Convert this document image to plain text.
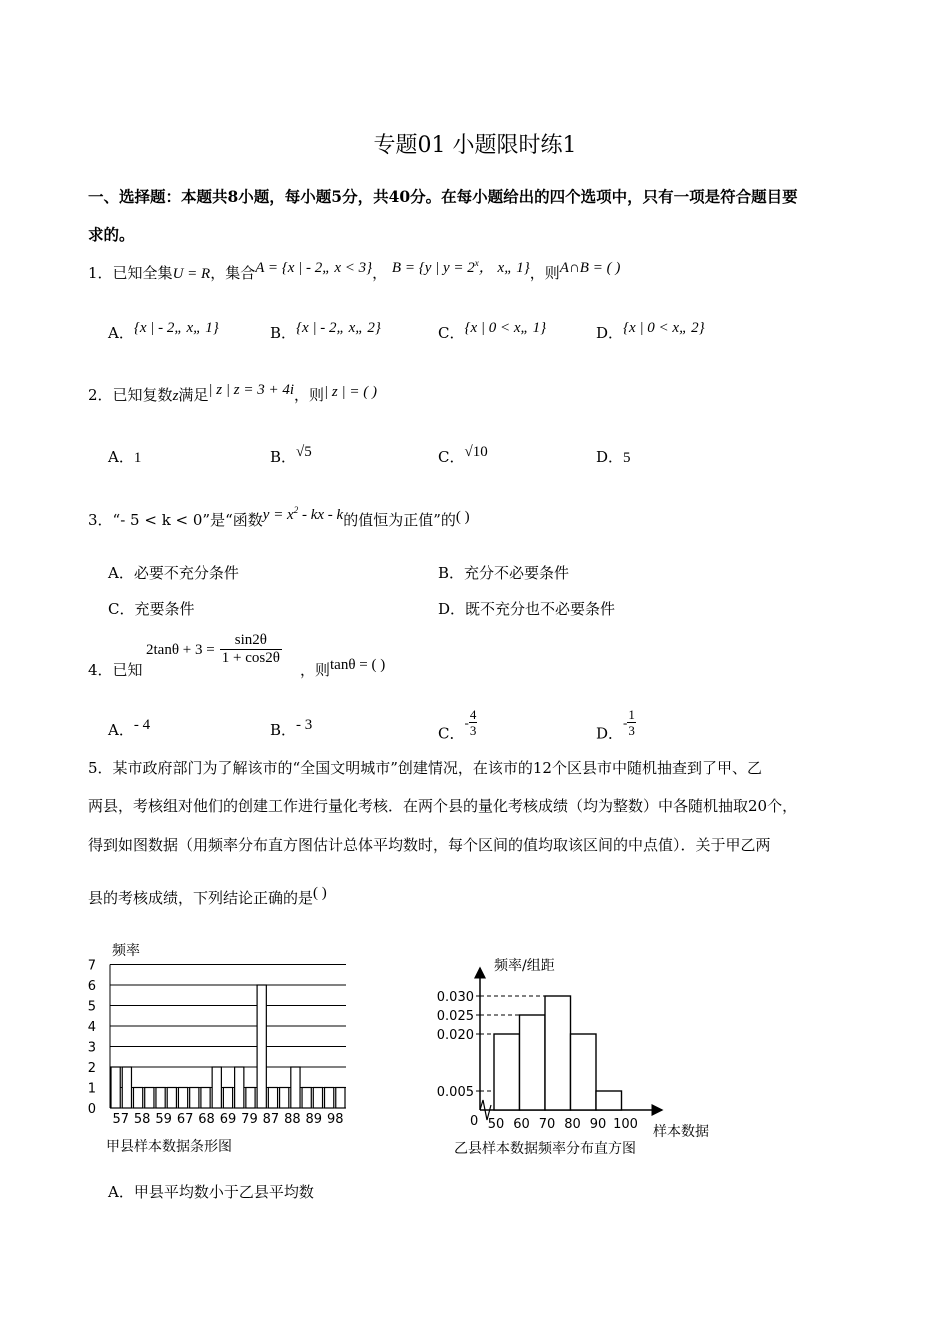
专题01 小题限时练1
一、选择题：本题共8小题，每小题5分，共40分。在每小题给出的四个选项中，只有一项是符合题目要
求的。
1．已知全集U = R，集合A = {x | - 2„ x < 3}， B = {y | $y = 2^x$， x„ 1}，则A∩B = ( )
A．{x | - 2„ x„ 1}	B．{x | - 2„ x„ 2}	C．{x | 0 < x„ 1}	D．{x | 0 < x„ 2}
2．已知复数z满足| z | z = 3 + 4i，则| z | = ( )
A．1	B．√5	C．√10	D．5
3．“- 5 < k < 0”是“函数$y = x^2$ - kx - k的值恒为正值”的( )
A．必要不充分条件	B．充分不必要条件
C．充要条件	D．既不充分也不必要条件
4．已知
$2\tan\theta + 3 = \frac{\sin 2\theta}{1 + \cos 2\theta}$
，则tanθ = ( )
A．- 4	B．- 3	C．- $\frac{4}{3}$	D．- $\frac{1}{3}$
5．某市政府部门为了解该市的“全国文明城市”创建情况，在该市的12个区县市中随机抽查到了甲、乙
两县，考核组对他们的创建工作进行量化考核．在两个县的量化考核成绩（均为整数）中各随机抽取20个，
得到如图数据（用频率分布直方图估计总体平均数时，每个区间的值均取该区间的中点值）．关于甲乙两
县的考核成绩，下列结论正确的是( )
0
1
2
3
4
5
6
7
57 58 59 67 68 69 79 87 88 89 98
频率
甲县样本数据条形图
0.005
0.020
0.025
0.030
50 60 70 80 90 100
0
频率/组距
样本数据
乙县样本数据频率分布直方图
A．甲县平均数小于乙县平均数
